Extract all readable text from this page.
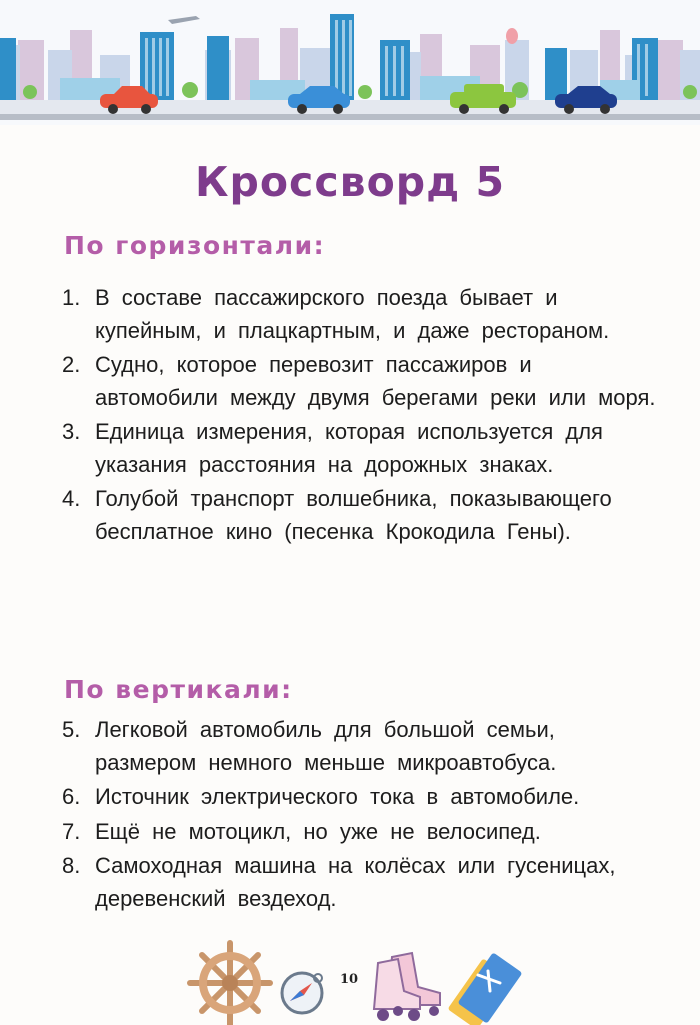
Кроссворд 5
По горизонтали:
1. В составе пассажирского поезда бывает и купейным, и плацкартным, и даже рестораном.
2. Судно, которое перевозит пассажиров и автомобили между двумя берегами реки или моря.
3. Единица измерения, которая используется для указания расстояния на дорожных знаках.
4. Голубой транспорт волшебника, показывающего бесплатное кино (песенка Крокодила Гены).
По вертикали:
5. Легковой автомобиль для большой семьи, размером немного меньше микроавтобуса.
6. Источник электрического тока в автомобиле.
7. Ещё не мотоцикл, но уже не велосипед.
8. Самоходная машина на колёсах или гусеницах, деревенский вездеход.
10
